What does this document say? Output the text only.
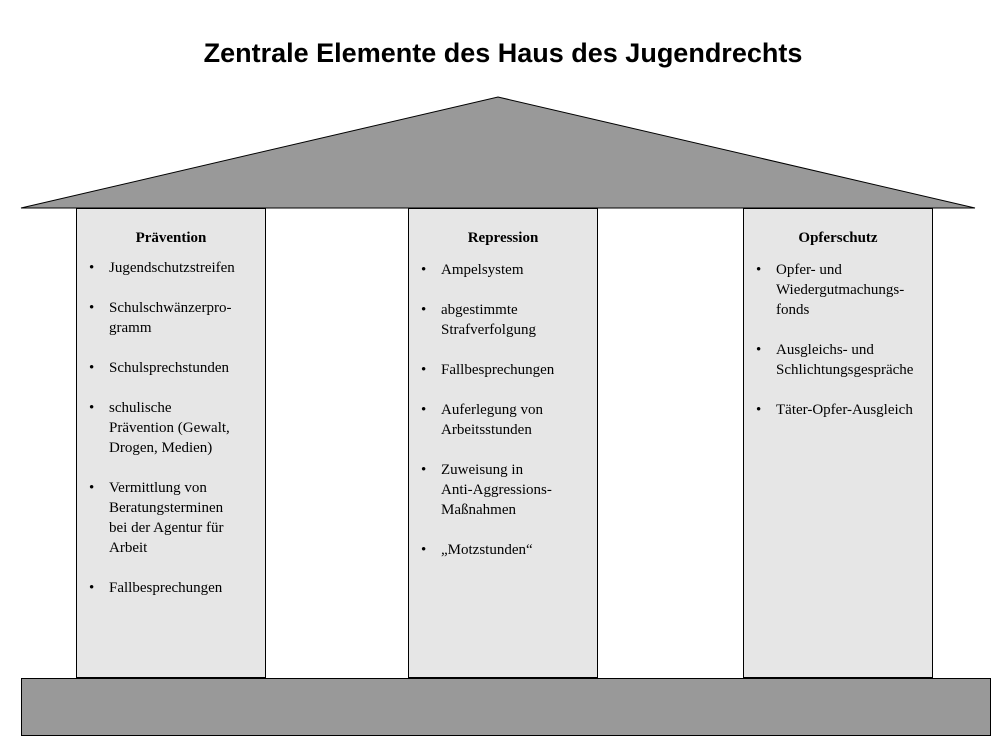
Zentrale Elemente des Haus des Jugendrechts
Prävention
• Jugendschutzstreifen
• Schulschwänzerpro-
gramm
• Schulsprechstunden
• schulische
Prävention (Gewalt,
Drogen, Medien)
• Vermittlung von
Beratungsterminen
bei der Agentur für
Arbeit
• Fallbesprechungen
Repression
• Ampelsystem
• abgestimmte
Strafverfolgung
• Fallbesprechungen
• Auferlegung von
Arbeitsstunden
• Zuweisung in
Anti-Aggressions-
Maßnahmen
• „Motzstunden“
Opferschutz
• Opfer- und
Wiedergutmachungs-
fonds
• Ausgleichs- und
Schlichtungsgespräche
• Täter-Opfer-Ausgleich
